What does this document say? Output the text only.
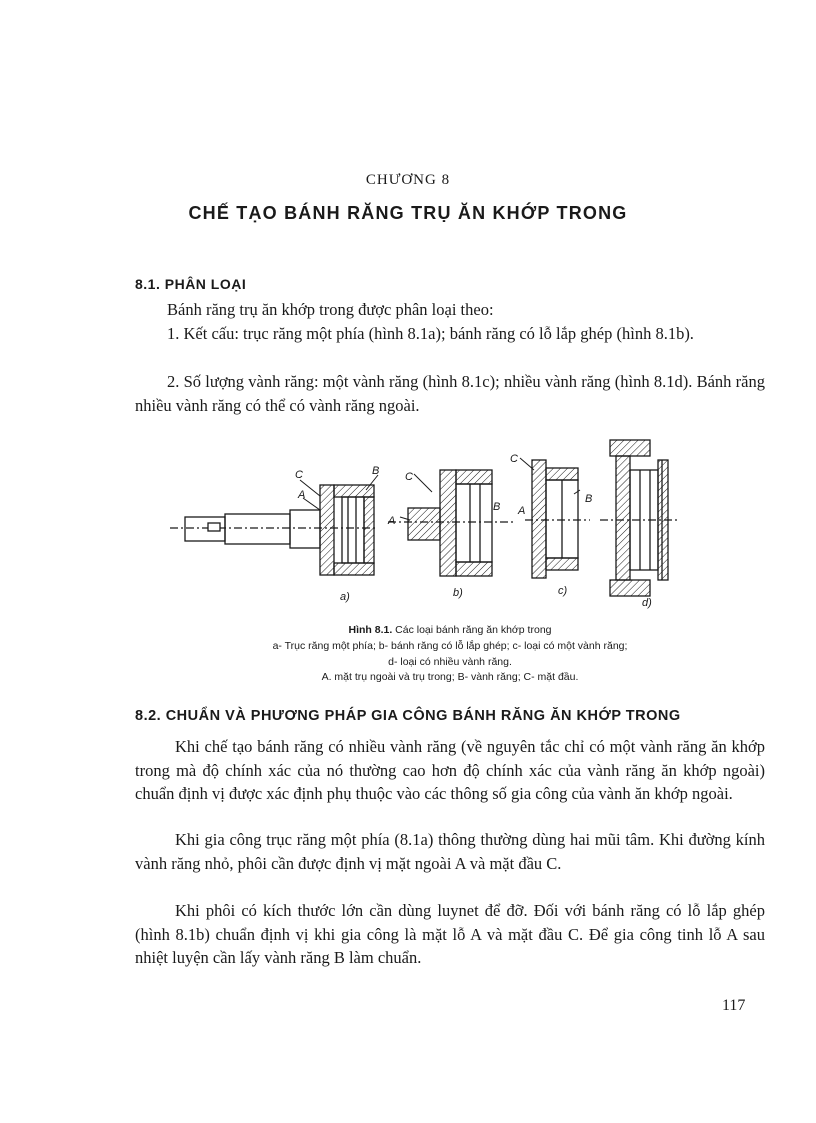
CHƯƠNG 8
CHẾ TẠO BÁNH RĂNG TRỤ ĂN KHỚP TRONG
8.1. PHÂN LOẠI
Bánh răng trụ ăn khớp trong được phân loại theo:
1. Kết cấu: trục răng một phía (hình 8.1a); bánh răng có lỗ lắp ghép (hình 8.1b).
2. Số lượng vành răng: một vành răng (hình 8.1c); nhiều vành răng (hình 8.1d). Bánh răng nhiều vành răng có thể có vành răng ngoài.
C
A
B C
A
B
C
A
B
a)	b)	c)
d)
Hình 8.1. Các loại bánh răng ăn khớp trong
a- Trục răng một phía; b- bánh răng có lỗ lắp ghép; c- loại có một vành răng;
d- loại có nhiều vành răng.
A. mặt trụ ngoài và trụ trong; B- vành răng; C- mặt đầu.
8.2. CHUẨN VÀ PHƯƠNG PHÁP GIA CÔNG BÁNH RĂNG ĂN KHỚP TRONG
Khi chế tạo bánh răng có nhiều vành răng (về nguyên tắc chỉ có một vành răng ăn khớp trong mà độ chính xác của nó thường cao hơn độ chính xác của vành răng ăn khớp ngoài) chuẩn định vị được xác định phụ thuộc vào các thông số gia công của vành ăn khớp ngoài.
Khi gia công trục răng một phía (8.1a) thông thường dùng hai mũi tâm. Khi đường kính vành răng nhỏ, phôi cần được định vị mặt ngoài A và mặt đầu C.
Khi phôi có kích thước lớn cần dùng luynet để đỡ. Đối với bánh răng có lỗ lắp ghép (hình 8.1b) chuẩn định vị khi gia công là mặt lỗ A và mặt đầu C. Để gia công tinh lỗ A sau nhiệt luyện cần lấy vành răng B làm chuẩn.
117
